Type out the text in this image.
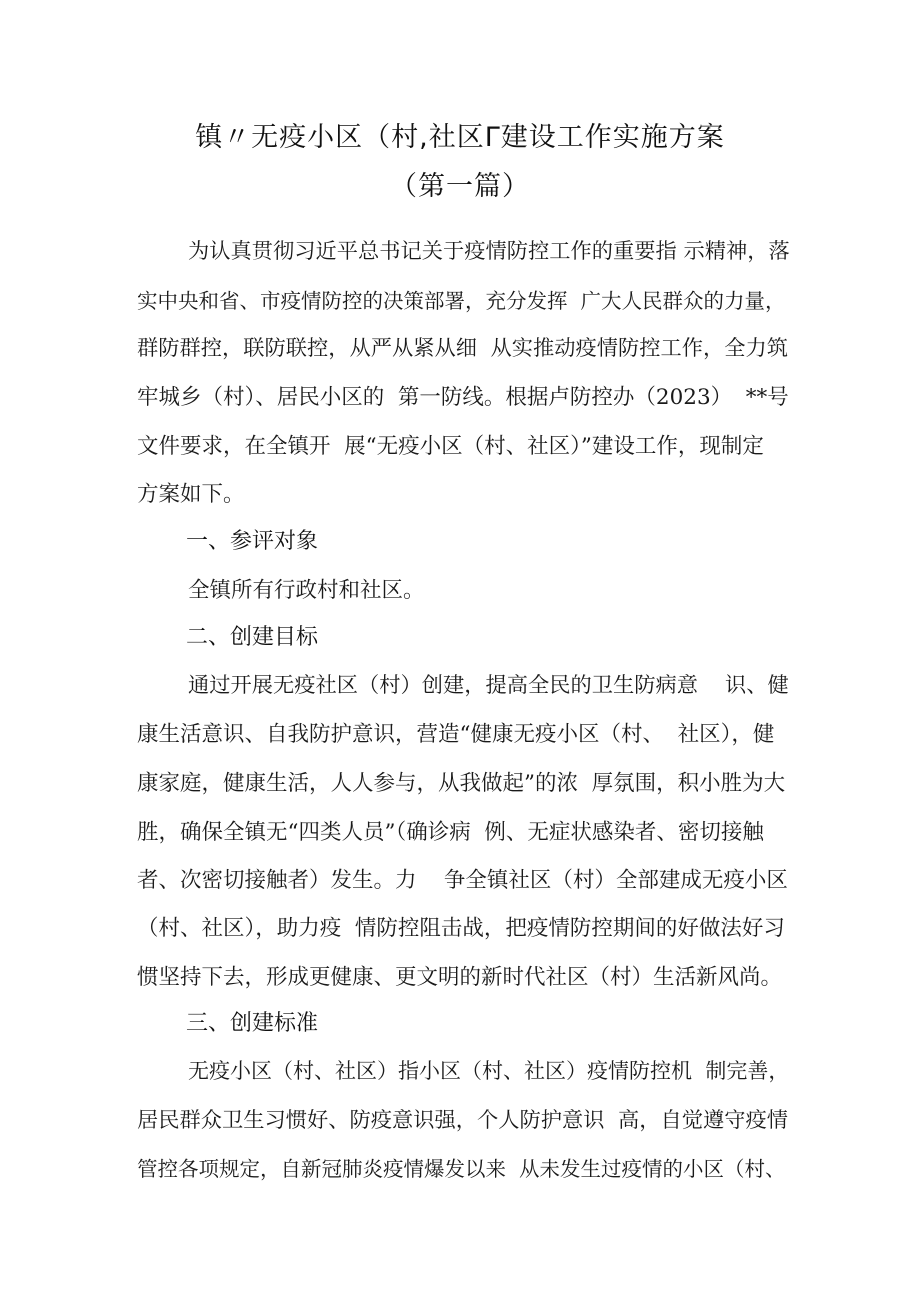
镇〃无疫小区（村,社区Γ建设工作实施方案
（第一篇）
为认真贯彻习近平总书记关于疫情防控工作的重要指 示精神，落
实中央和省、市疫情防控的决策部署，充分发挥  广大人民群众的力量，
群防群控，联防联控，从严从紧从细  从实推动疫情防控工作，全力筑
牢城乡（村）、居民小区的  第一防线。根据卢防控办（2023）  **号
文件要求，在全镇开  展“无疫小区（村、社区）”建设工作，现制定
方案如下。
一、参评对象
全镇所有行政村和社区。
二、创建目标
通过开展无疫社区（村）创建，提高全民的卫生防病意    识、健
康生活意识、自我防护意识，营造“健康无疫小区（村、  社区），健
康家庭，健康生活，人人参与，从我做起”的浓  厚氛围，积小胜为大
胜，确保全镇无“四类人员”（确诊病  例、无症状感染者、密切接触
者、次密切接触者）发生。力    争全镇社区（村）全部建成无疫小区
（村、社区），助力疫  情防控阻击战，把疫情防控期间的好做法好习
惯坚持下去，形成更健康、更文明的新时代社区（村）生活新风尚。
三、创建标准
无疫小区（村、社区）指小区（村、社区）疫情防控机  制完善，
居民群众卫生习惯好、防疫意识强，个人防护意识  高，自觉遵守疫情
管控各项规定，自新冠肺炎疫情爆发以来  从未发生过疫情的小区（村、
